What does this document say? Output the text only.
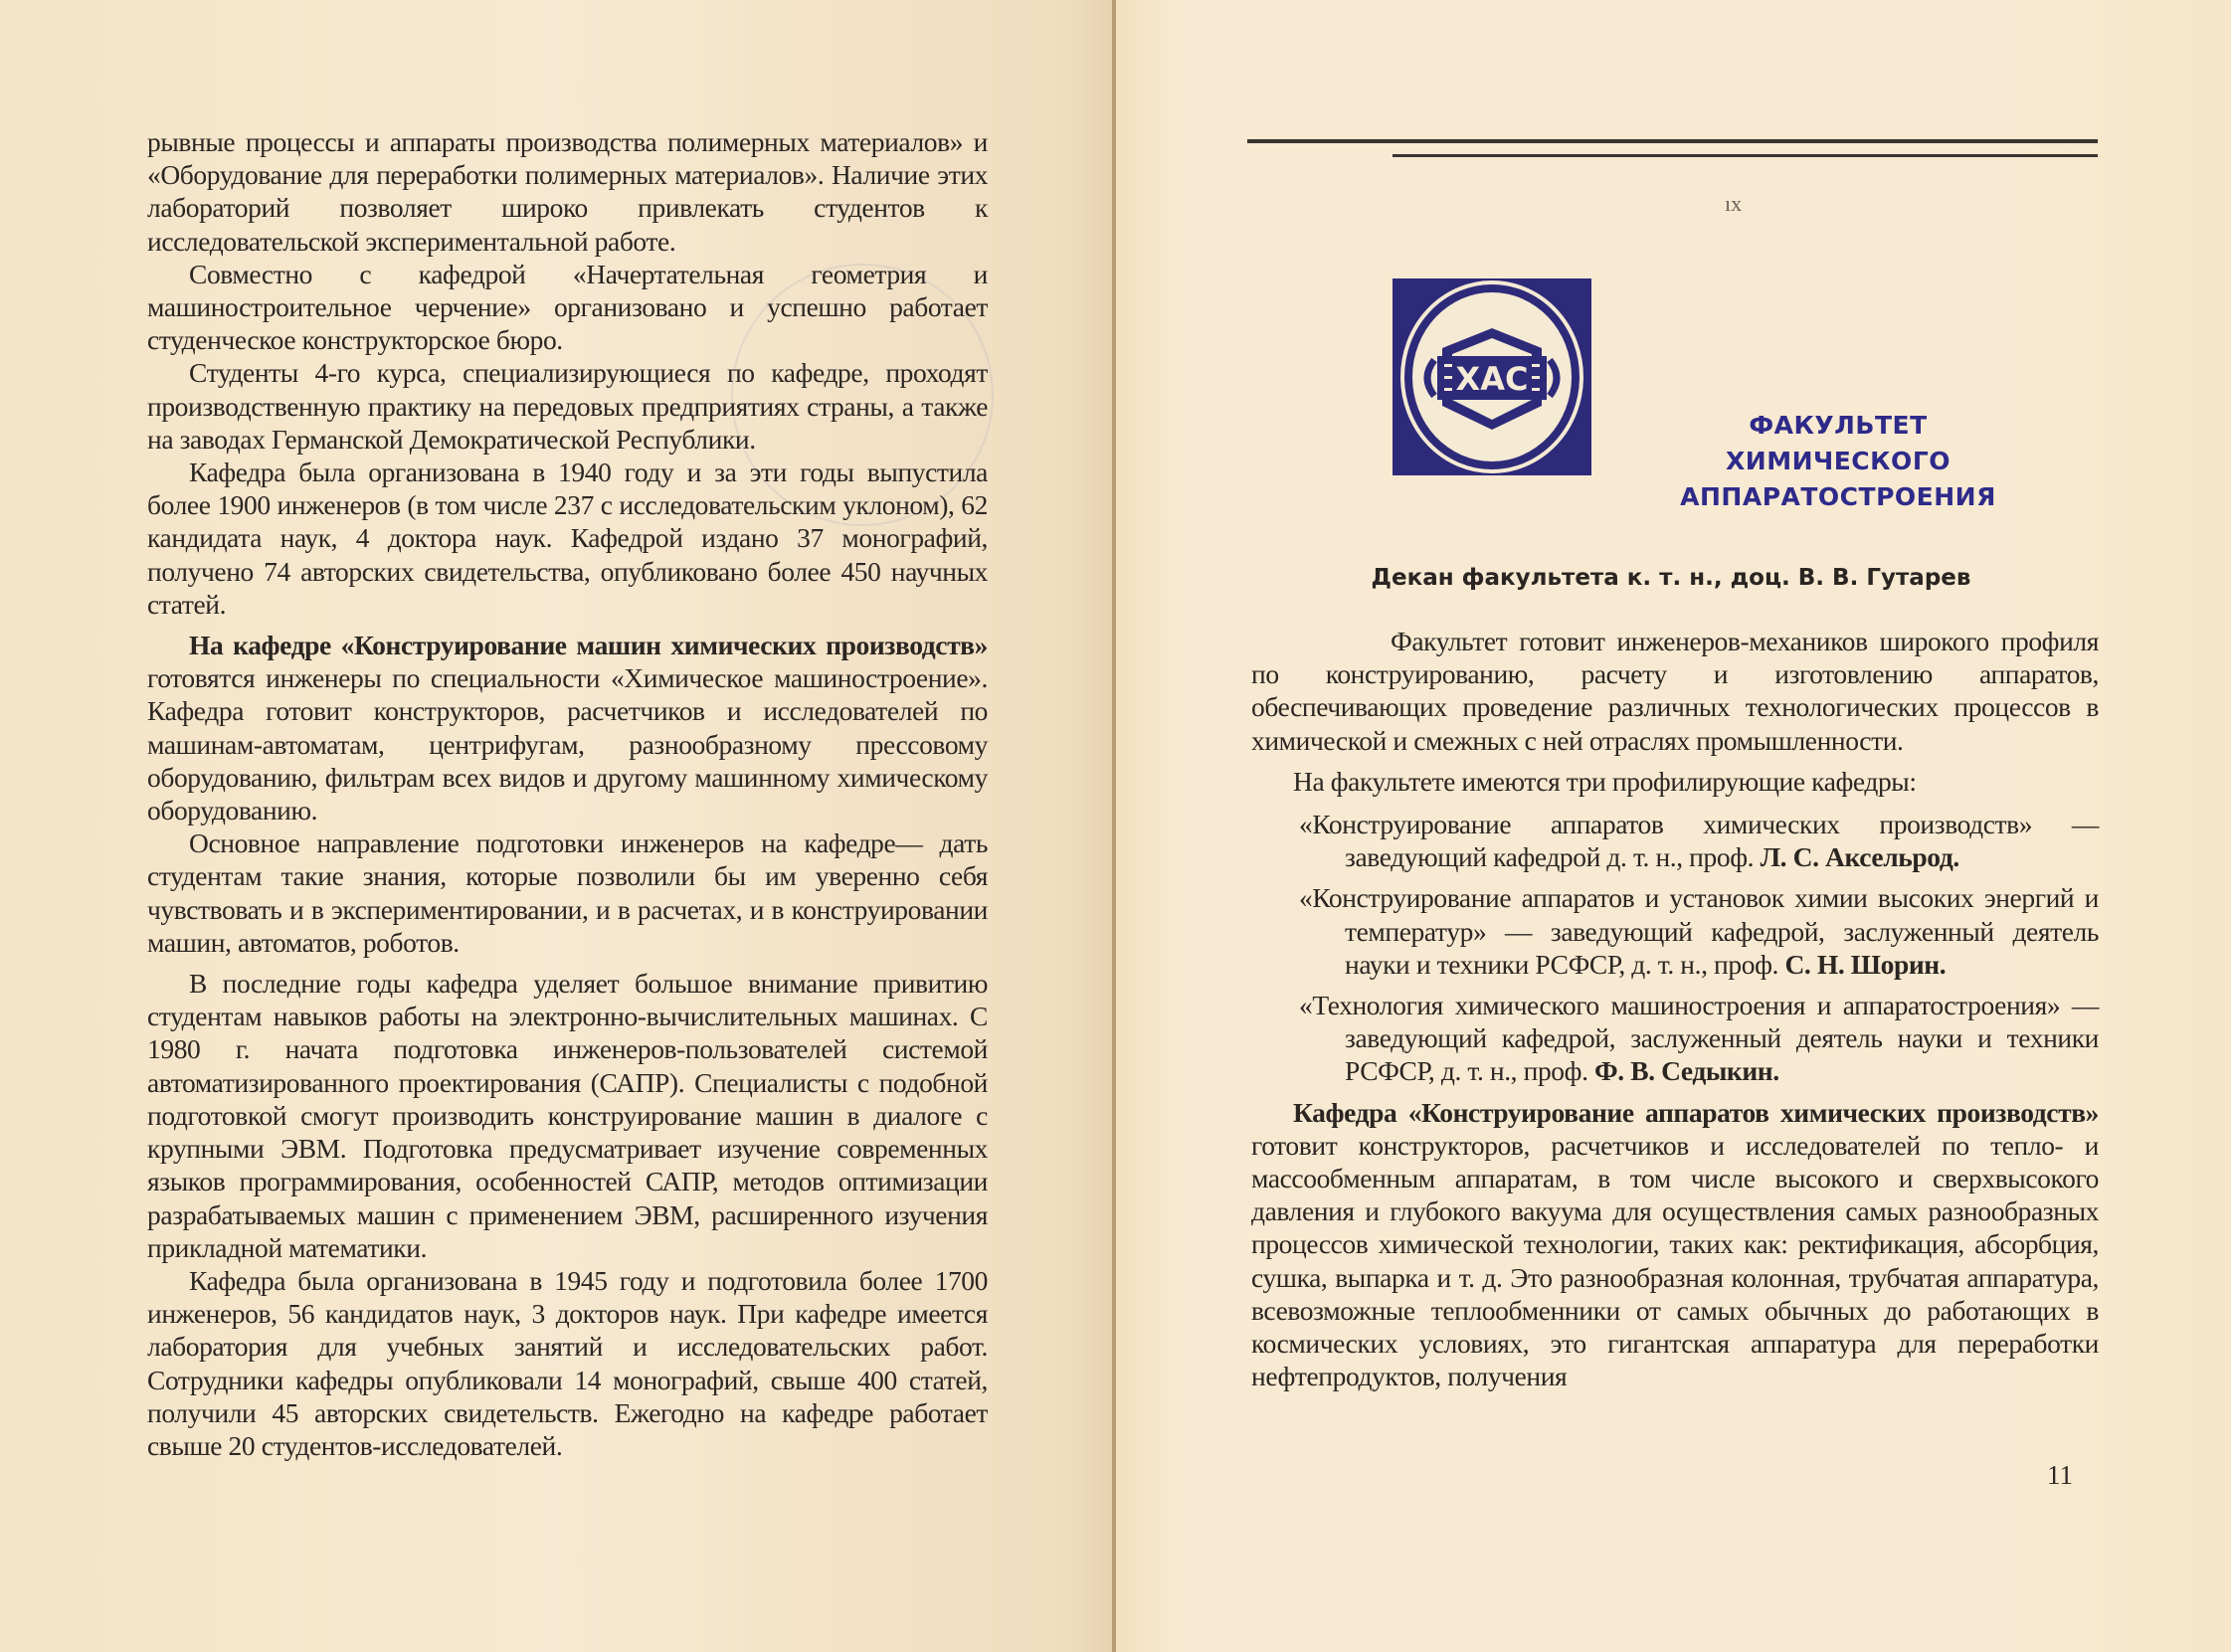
рывные процессы и аппараты производства полимерных материалов» и «Оборудование для переработки полимерных материалов». Наличие этих лабораторий позволяет широко привлекать студентов к исследовательской экспериментальной работе.

Совместно с кафедрой «Начертательная геометрия и машиностроительное черчение» организовано и успешно работает студенческое конструкторское бюро.

Студенты 4-го курса, специализирующиеся по кафедре, проходят производственную практику на передовых предприятиях страны, а также на заводах Германской Демократической Республики.

Кафедра была организована в 1940 году и за эти годы выпустила более 1900 инженеров (в том числе 237 с исследовательским уклоном), 62 кандидата наук, 4 доктора наук. Кафедрой издано 37 монографий, получено 74 авторских свидетельства, опубликовано более 450 научных статей.

На кафедре «Конструирование машин химических производств» готовятся инженеры по специальности «Химическое машиностроение». Кафедра готовит конструкторов, расчетчиков и исследователей по машинам-автоматам, центрифугам, разнообразному прессовому оборудованию, фильтрам всех видов и другому машинному химическому оборудованию.

Основное направление подготовки инженеров на кафедре— дать студентам такие знания, которые позволили бы им уверенно себя чувствовать и в экспериментировании, и в расчетах, и в конструировании машин, автоматов, роботов.

В последние годы кафедра уделяет большое внимание привитию студентам навыков работы на электронно-вычислительных машинах. С 1980 г. начата подготовка инженеров-пользователей системой автоматизированного проектирования (САПР). Специалисты с подобной подготовкой смогут производить конструирование машин в диалоге с крупными ЭВМ. Подготовка предусматривает изучение современных языков программирования, особенностей САПР, методов оптимизации разрабатываемых машин с применением ЭВМ, расширенного изучения прикладной математики.

Кафедра была организована в 1945 году и подготовила более 1700 инженеров, 56 кандидатов наук, 3 докторов наук. При кафедре имеется лаборатория для учебных занятий и исследовательских работ. Сотрудники кафедры опубликовали 14 монографий, свыше 400 статей, получили 45 авторских свидетельств. Ежегодно на кафедре работает свыше 20 студентов-исследователей.

ıх
ХАС
ФАКУЛЬТЕТ ХИМИЧЕСКОГО
АППАРАТОСТРОЕНИЯ
Декан факультета к. т. н., доц. В. В. Гутарев

Факультет готовит инженеров-механиков широкого профиля по конструированию, расчету и изготовлению аппаратов, обеспечивающих проведение различных технологических процессов в химической и смежных с ней отраслях промышленности.

На факультете имеются три профилирующие кафедры:

«Конструирование аппаратов химических производств» — заведующий кафедрой д. т. н., проф. Л. С. Аксельрод.

«Конструирование аппаратов и установок химии высоких энергий и температур» — заведующий кафедрой, заслуженный деятель науки и техники РСФСР, д. т. н., проф. С. Н. Шорин.

«Технология химического машиностроения и аппаратостроения» — заведующий кафедрой, заслуженный деятель науки и техники РСФСР, д. т. н., проф. Ф. В. Седыкин.

Кафедра «Конструирование аппаратов химических производств» готовит конструкторов, расчетчиков и исследователей по тепло- и массообменным аппаратам, в том числе высокого и сверхвысокого давления и глубокого вакуума для осуществления самых разнообразных процессов химической технологии, таких как: ректификация, абсорбция, сушка, выпарка и т. д. Это разнообразная колонная, трубчатая аппаратура, всевозможные теплообменники от самых обычных до работающих в космических условиях, это гигантская аппаратура для переработки нефтепродуктов, получения

11
